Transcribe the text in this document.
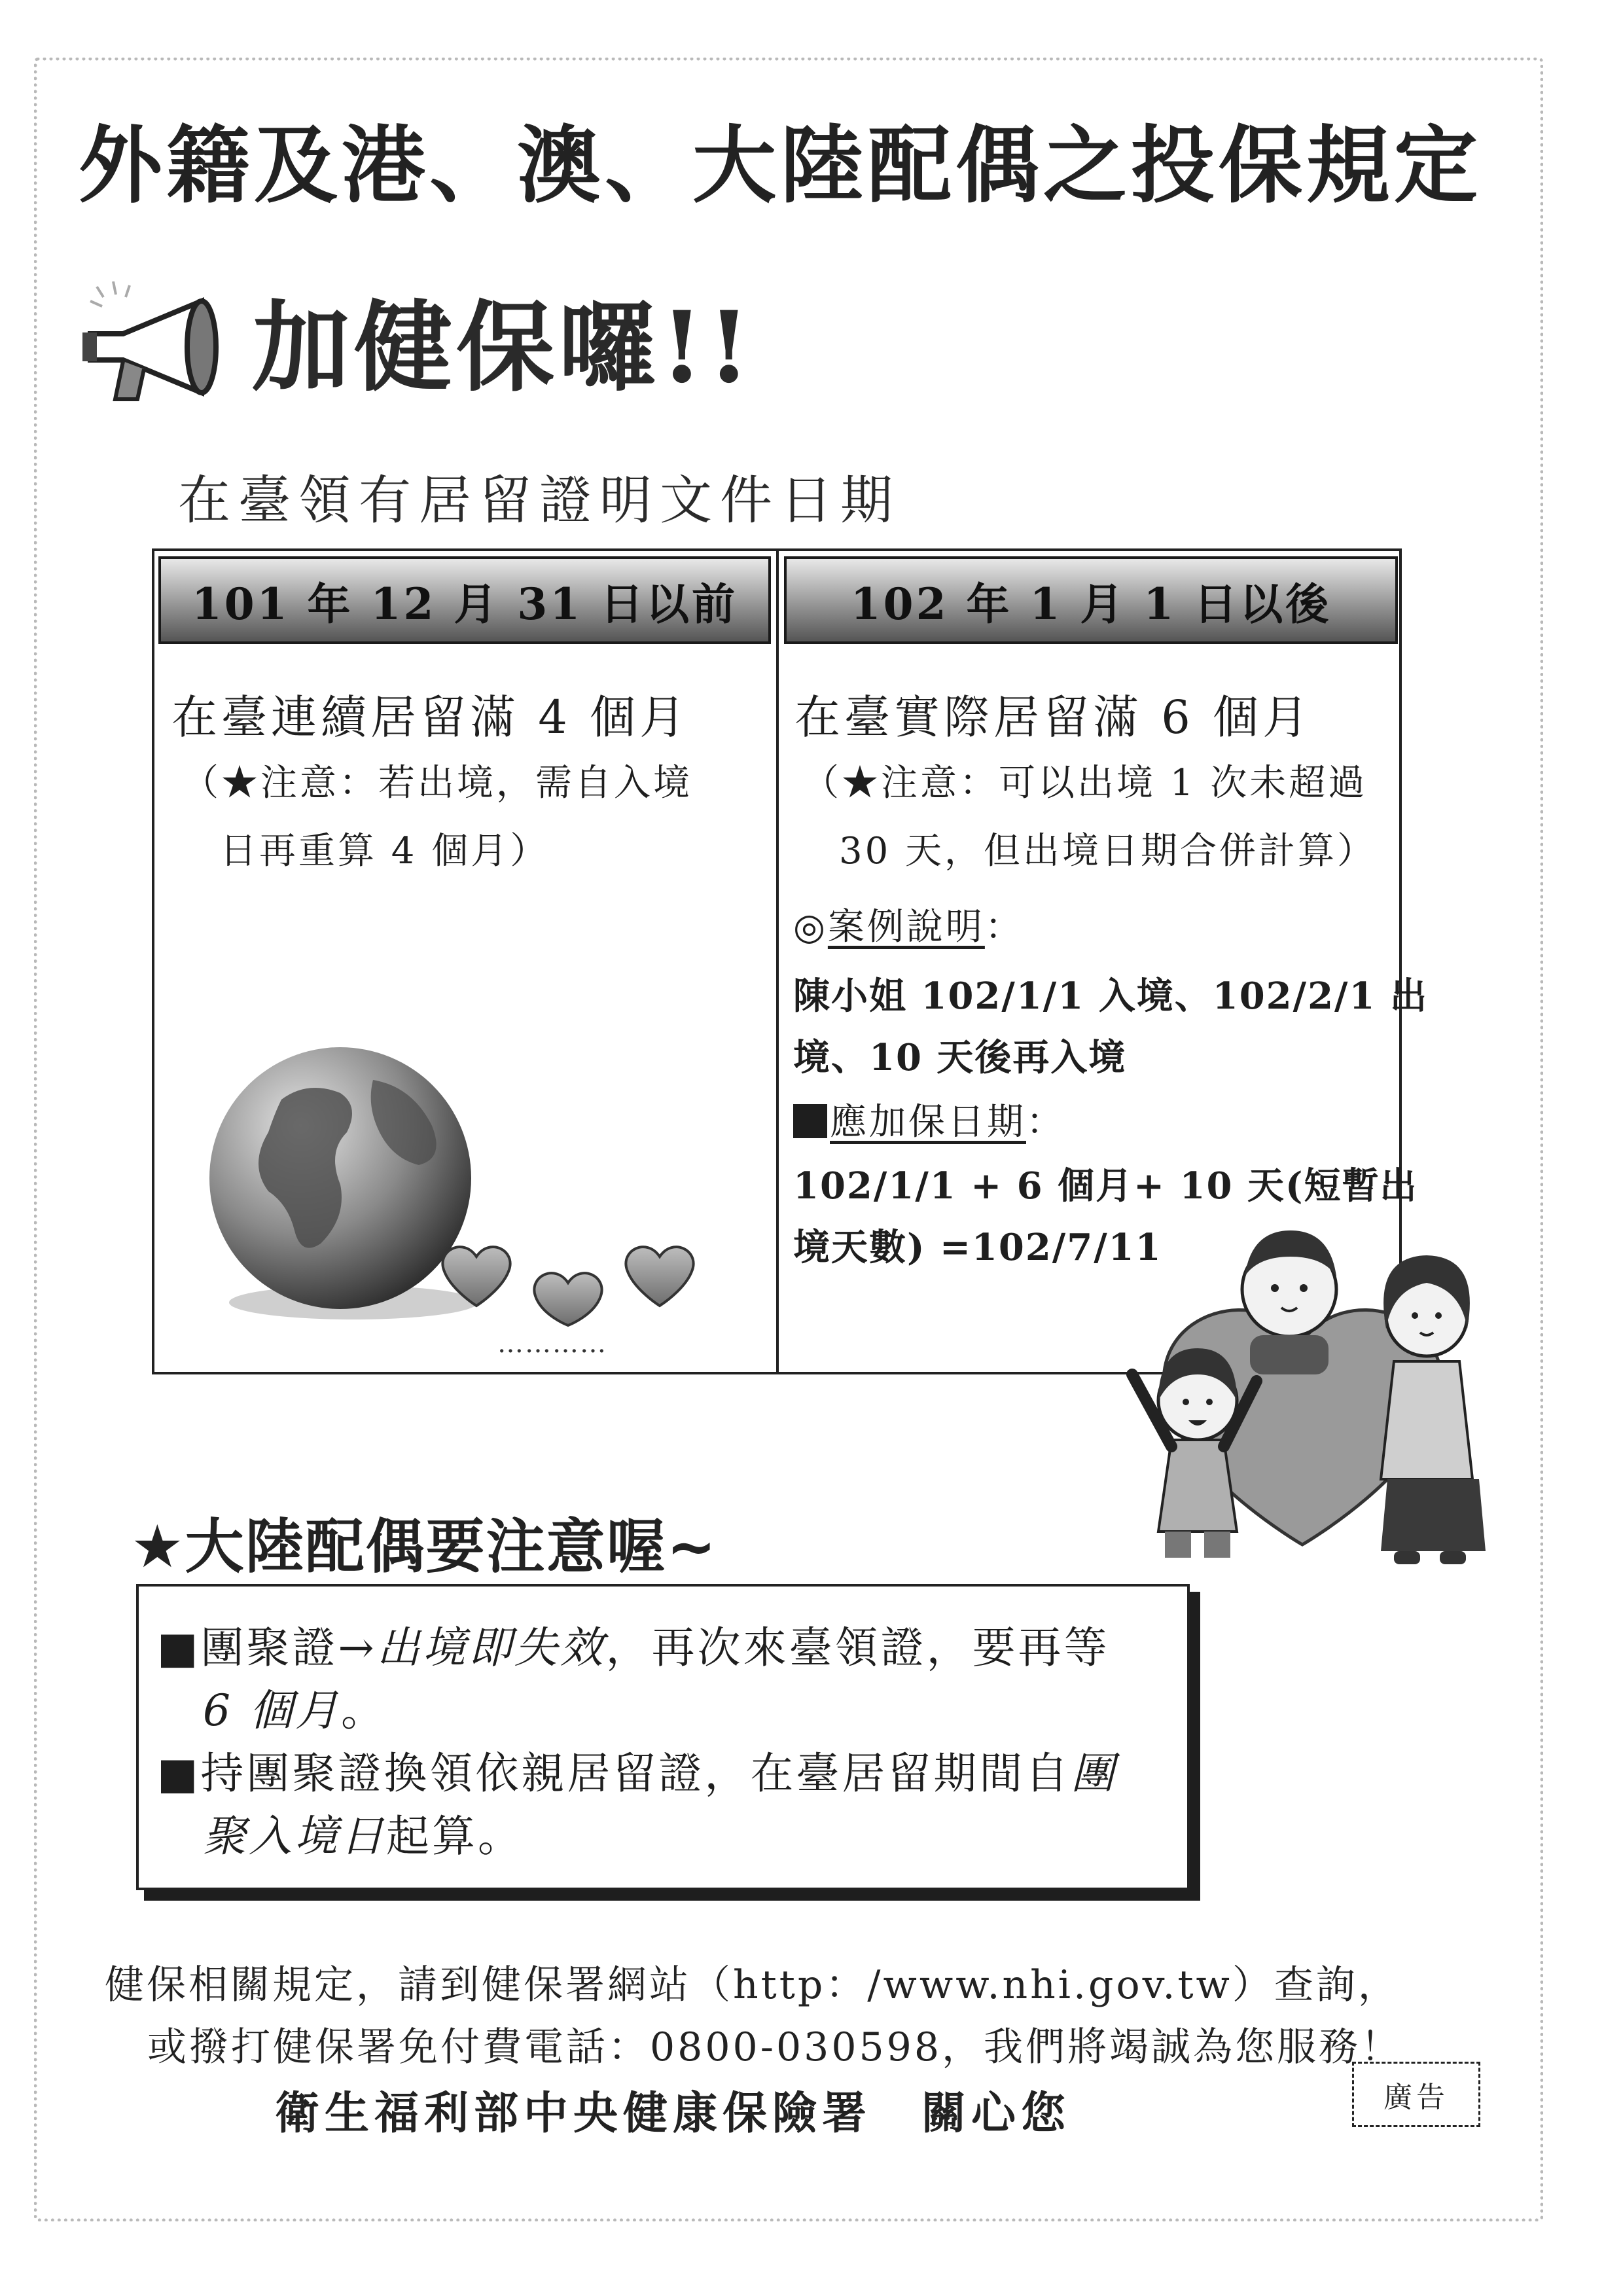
外籍及港、澳、大陸配偶之投保規定
加健保囉!!
在臺領有居留證明文件日期
101 年 12 月 31 日以前	102 年 1 月 1 日以後
在臺連續居留滿 4 個月
（★注意：若出境，需自入境
日再重算 4 個月）
在臺實際居留滿 6 個月
（★注意：可以出境 1 次未超過
30 天，但出境日期合併計算）
◎案例說明：
陳小姐 102/1/1 入境、102/2/1 出
境、10 天後再入境
應加保日期：
102/1/1 + 6 個月+ 10 天(短暫出
境天數) =102/7/11
…………
★大陸配偶要注意喔~
■團聚證→出境即失效，再次來臺領證，要再等
6 個月。
■持團聚證換領依親居留證，在臺居留期間自團
聚入境日起算。
健保相關規定，請到健保署網站（http：/www.nhi.gov.tw）查詢，
或撥打健保署免付費電話：0800-030598，我們將竭誠為您服務！
衛生福利部中央健康保險署　關心您	廣告
